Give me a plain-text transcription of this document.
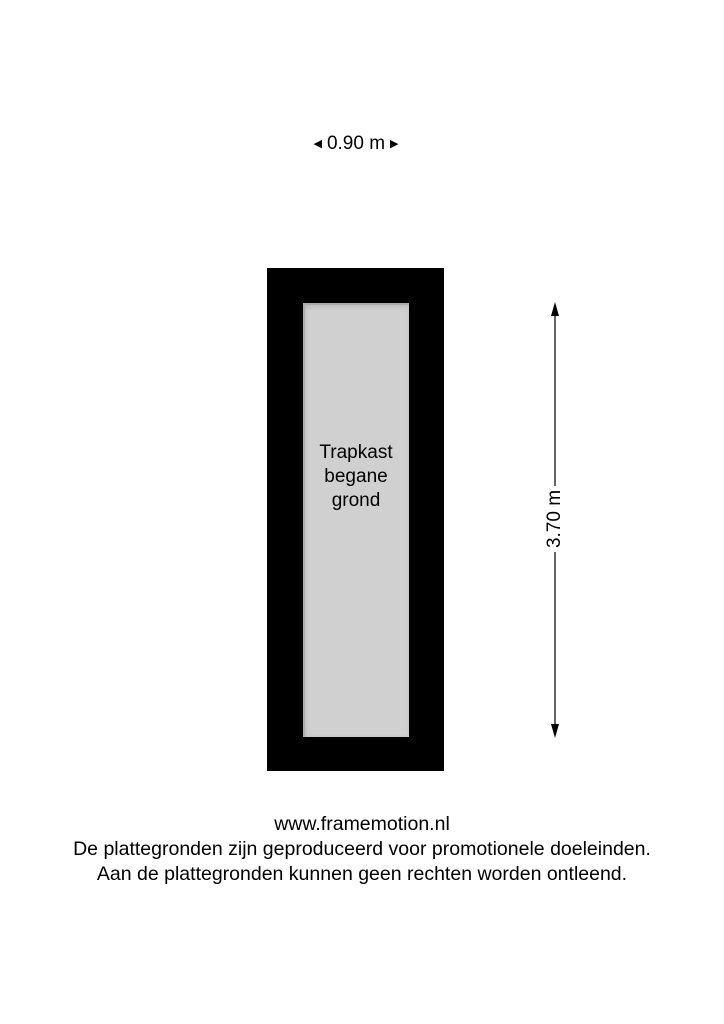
◀ 0.90 m ▶
Trapkast
begane
grond	3.70 m
www.framemotion.nl
De plattegronden zijn geproduceerd voor promotionele doeleinden.
Aan de plattegronden kunnen geen rechten worden ontleend.
